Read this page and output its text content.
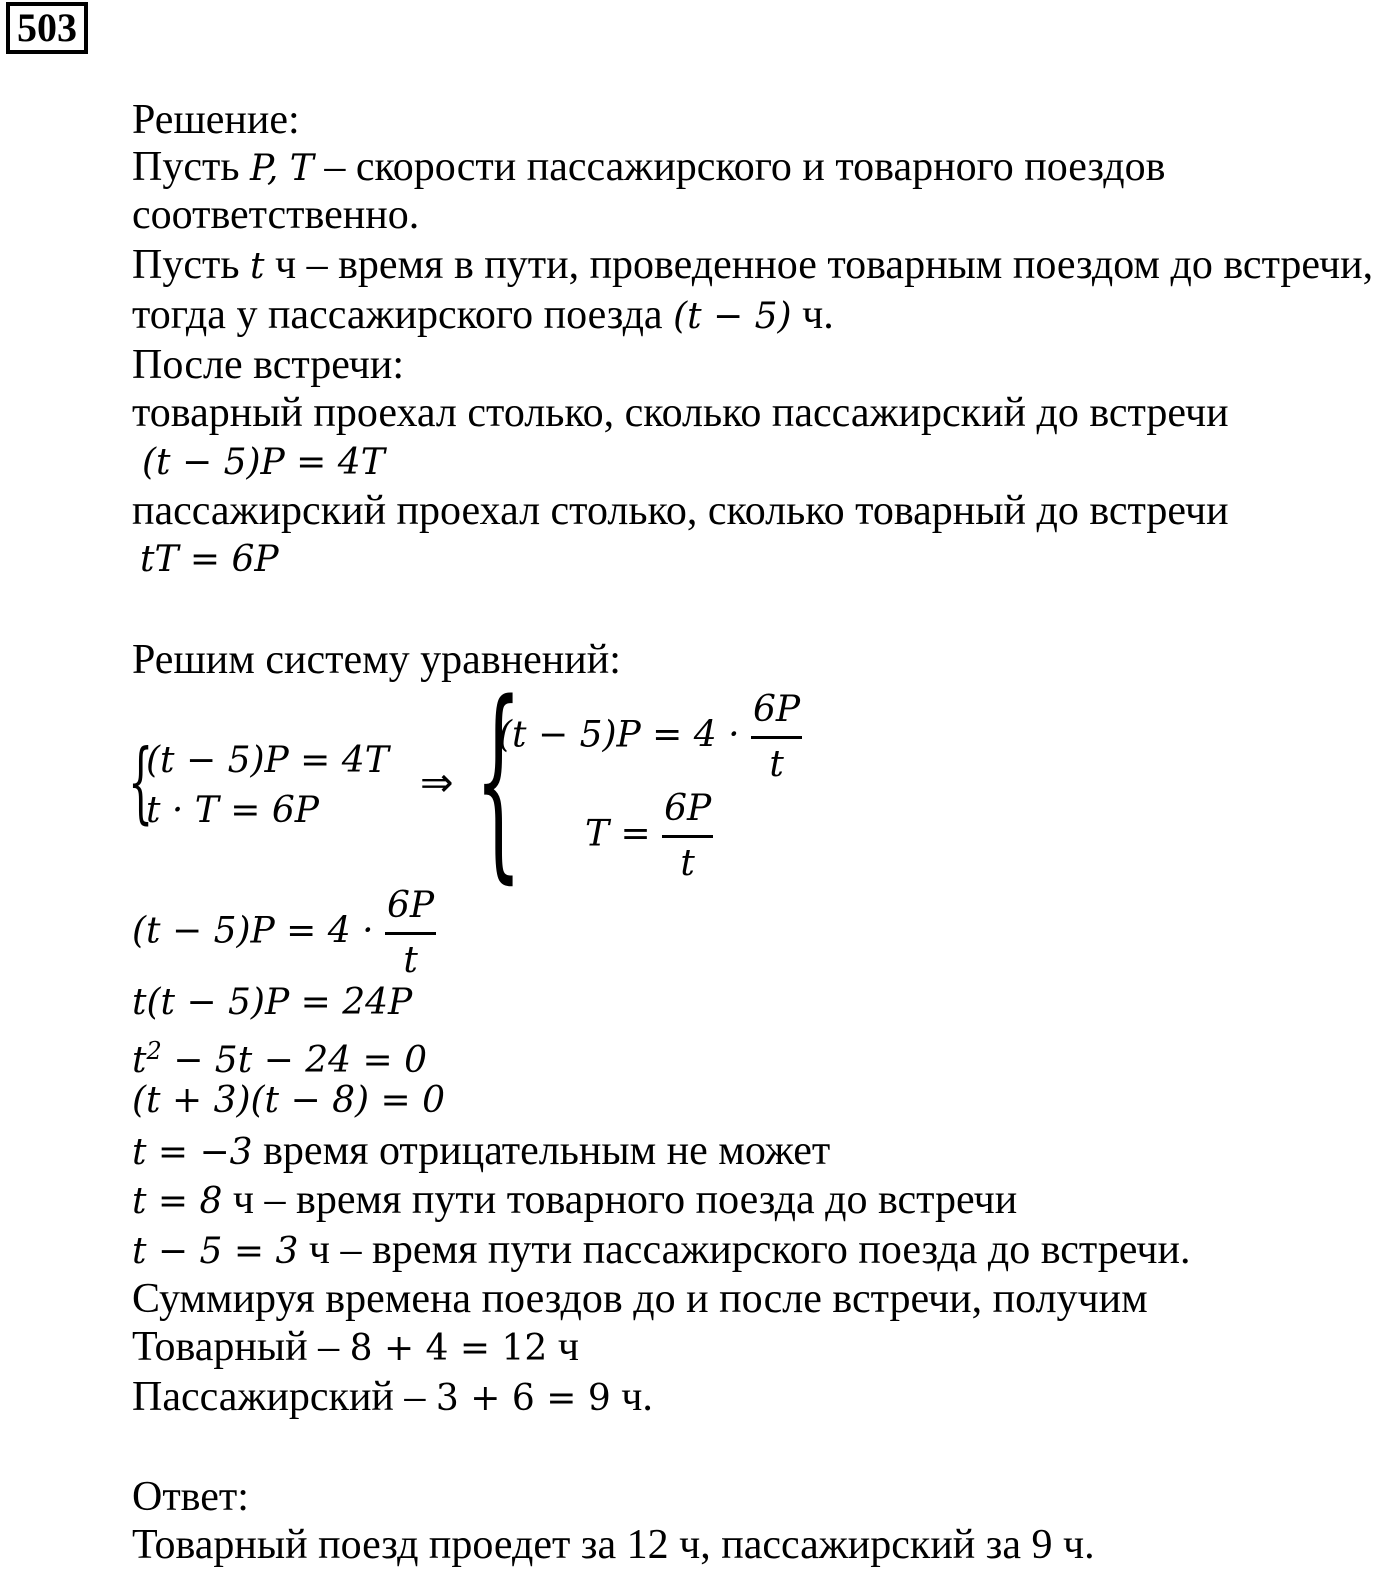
503
Решение:
Пусть P, T – скорости пассажирского и товарного поездов
соответственно.
Пусть t ч – время в пути, проведенное товарным поездом до встречи,
тогда у пассажирского поезда (t − 5) ч.
После встречи:
товарный проехал столько, сколько пассажирский до встречи
(t − 5)P = 4T
пассажирский проехал столько, сколько товарный до встречи
tT = 6P
Решим систему уравнений:
{
(t − 5)P = 4T
t · T = 6P
⇒ {
$(t - 5)P = 4 \cdot \frac{6P}{t}$
$T = \frac{6P}{t}$
$(t - 5)P = 4 \cdot \frac{6P}{t}$
t(t − 5)P = 24P
$t^2 - 5t - 24 = 0$
(t + 3)(t − 8) = 0
t = −3 время отрицательным не может
t = 8 ч – время пути товарного поезда до встречи
t − 5 = 3 ч – время пути пассажирского поезда до встречи.
Суммируя времена поездов до и после встречи, получим
Товарный – 8 + 4 = 12 ч
Пассажирский – 3 + 6 = 9 ч.
Ответ:
Товарный поезд проедет за 12 ч, пассажирский за 9 ч.
